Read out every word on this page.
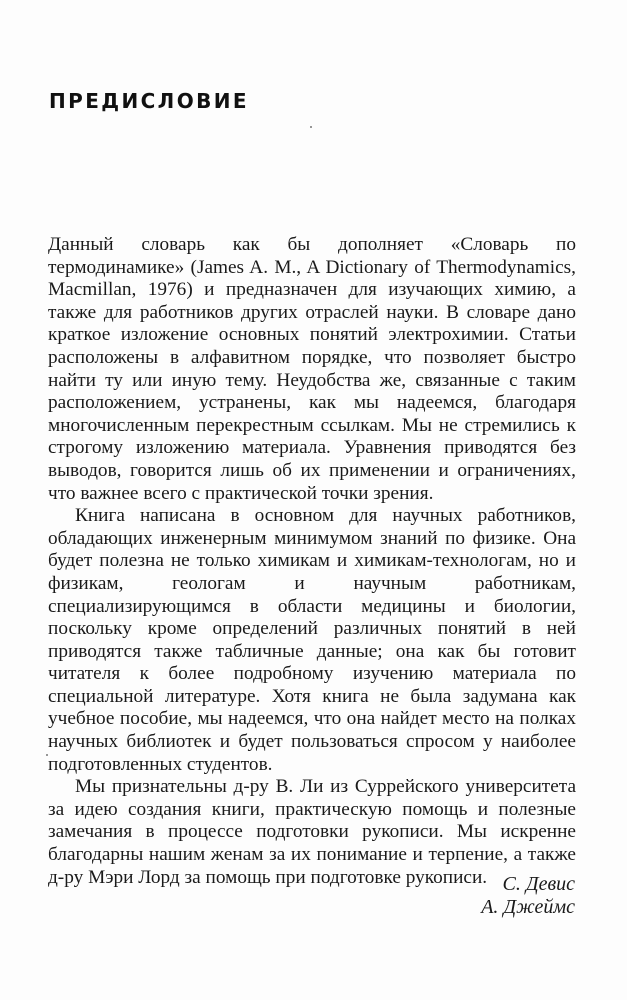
ПРЕДИСЛОВИЕ

Данный словарь как бы дополняет «Словарь по термодинамике» (James A. M., A Dictionary of Thermodynamics, Macmillan, 1976) и предназначен для изучающих химию, а также для работников других отраслей науки. В словаре дано краткое изложение основных понятий электрохимии. Статьи расположены в алфавитном порядке, что позволяет быстро найти ту или иную тему. Неудобства же, связанные с таким расположением, устранены, как мы надеемся, благодаря многочисленным перекрестным ссылкам. Мы не стремились к строгому изложению материала. Уравнения приводятся без выводов, говорится лишь об их применении и ограничениях, что важнее всего с практической точки зрения.

Книга написана в основном для научных работников, обладающих инженерным минимумом знаний по физике. Она будет полезна не только химикам и химикам-технологам, но и физикам, геологам и научным работникам, специализирующимся в области медицины и биологии, поскольку кроме определений различных понятий в ней приводятся также табличные данные; она как бы готовит читателя к более подробному изучению материала по специальной литературе. Хотя книга не была задумана как учебное пособие, мы надеемся, что она найдет место на полках научных библиотек и будет пользоваться спросом у наиболее подготовленных студентов.

Мы признательны д-ру В. Ли из Суррейского университета за идею создания книги, практическую помощь и полезные замечания в процессе подготовки рукописи. Мы искренне благодарны нашим женам за их понимание и терпение, а также д-ру Мэри Лорд за помощь при подготовке рукописи. С. Девис
А. Джеймс
